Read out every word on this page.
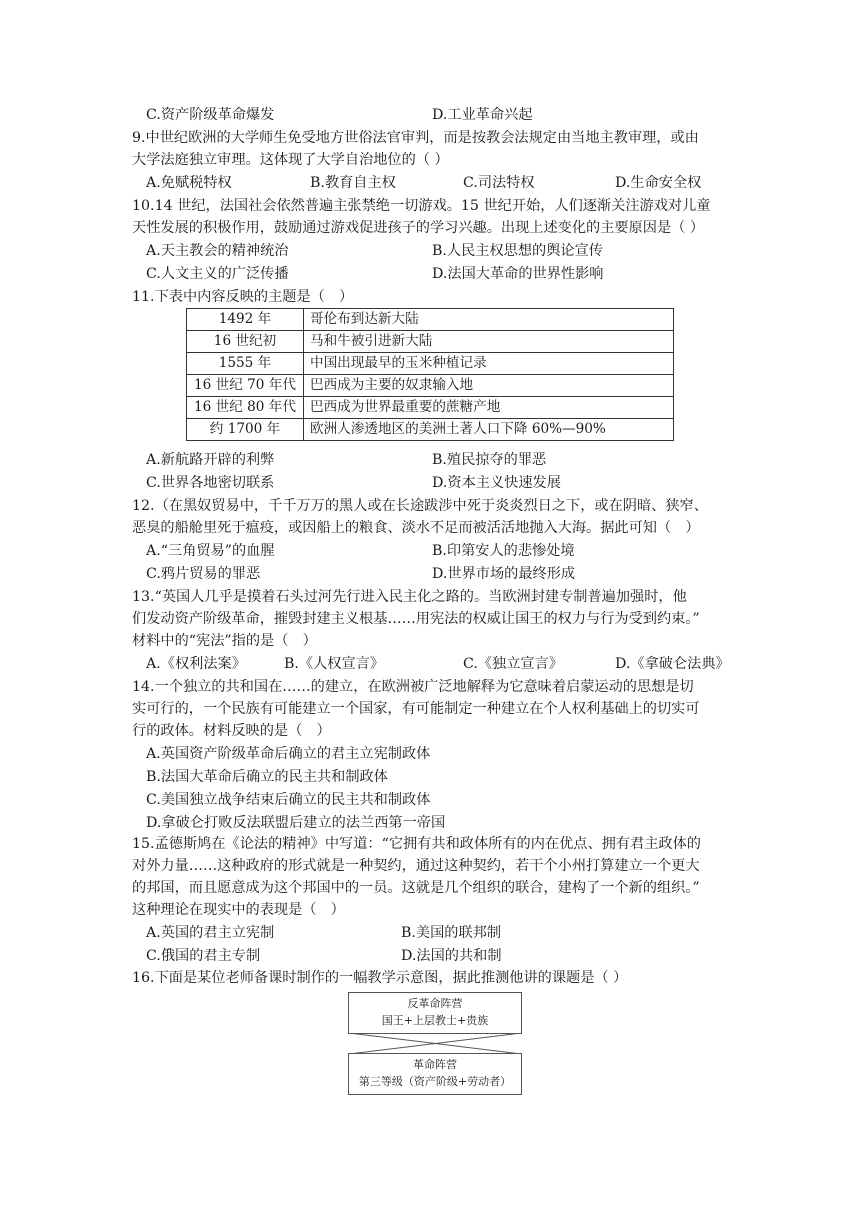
C.资产阶级革命爆发	D.工业革命兴起
9.中世纪欧洲的大学师生免受地方世俗法官审判，而是按教会法规定由当地主教审理，或由
大学法庭独立审理。这体现了大学自治地位的（ ）
A.免赋税特权	B.教育自主权	C.司法特权	D.生命安全权
10.14 世纪，法国社会依然普遍主张禁绝一切游戏。15 世纪开始，人们逐渐关注游戏对儿童
天性发展的积极作用，鼓励通过游戏促进孩子的学习兴趣。出现上述变化的主要原因是（ ）
A.天主教会的精神统治	B.人民主权思想的舆论宣传
C.人文主义的广泛传播	D.法国大革命的世界性影响
11.下表中内容反映的主题是（　）
1492 年	哥伦布到达新大陆
16 世纪初	马和牛被引进新大陆
1555 年	中国出现最早的玉米种植记录
16 世纪 70 年代	巴西成为主要的奴隶输入地
16 世纪 80 年代	巴西成为世界最重要的蔗糖产地
约 1700 年	欧洲人渗透地区的美洲土著人口下降 60%—90%
A.新航路开辟的利弊	B.殖民掠夺的罪恶
C.世界各地密切联系	D.资本主义快速发展
12.（在黑奴贸易中，千千万万的黑人或在长途跋涉中死于炎炎烈日之下，或在阴暗、狭窄、
恶臭的船舱里死于瘟疫，或因船上的粮食、淡水不足而被活活地抛入大海。据此可知（　）
A.“三角贸易”的血腥	B.印第安人的悲惨处境
C.鸦片贸易的罪恶	D.世界市场的最终形成
13.“英国人几乎是摸着石头过河先行进入民主化之路的。当欧洲封建专制普遍加强时，他
们发动资产阶级革命，摧毁封建主义根基……用宪法的权威让国王的权力与行为受到约束。”
材料中的“宪法”指的是（　）
A.《权利法案》	B.《人权宣言》	C.《独立宣言》	D.《拿破仑法典》
14.一个独立的共和国在……的建立，在欧洲被广泛地解释为它意味着启蒙运动的思想是切
实可行的，一个民族有可能建立一个国家，有可能制定一种建立在个人权利基础上的切实可
行的政体。材料反映的是（　）
A.英国资产阶级革命后确立的君主立宪制政体
B.法国大革命后确立的民主共和制政体
C.美国独立战争结束后确立的民主共和制政体
D.拿破仑打败反法联盟后建立的法兰西第一帝国
15.孟德斯鸠在《论法的精神》中写道：“它拥有共和政体所有的内在优点、拥有君主政体的
对外力量……这种政府的形式就是一种契约，通过这种契约，若干个小州打算建立一个更大
的邦国，而且愿意成为这个邦国中的一员。这就是几个组织的联合，建构了一个新的组织。”
这种理论在现实中的表现是（　）
A.英国的君主立宪制	B.美国的联邦制
C.俄国的君主专制	D.法国的共和制
16.下面是某位老师备课时制作的一幅教学示意图，据此推测他讲的课题是（ ）
反革命阵营
国王+上层教士+贵族
革命阵营
第三等级（资产阶级+劳动者）
